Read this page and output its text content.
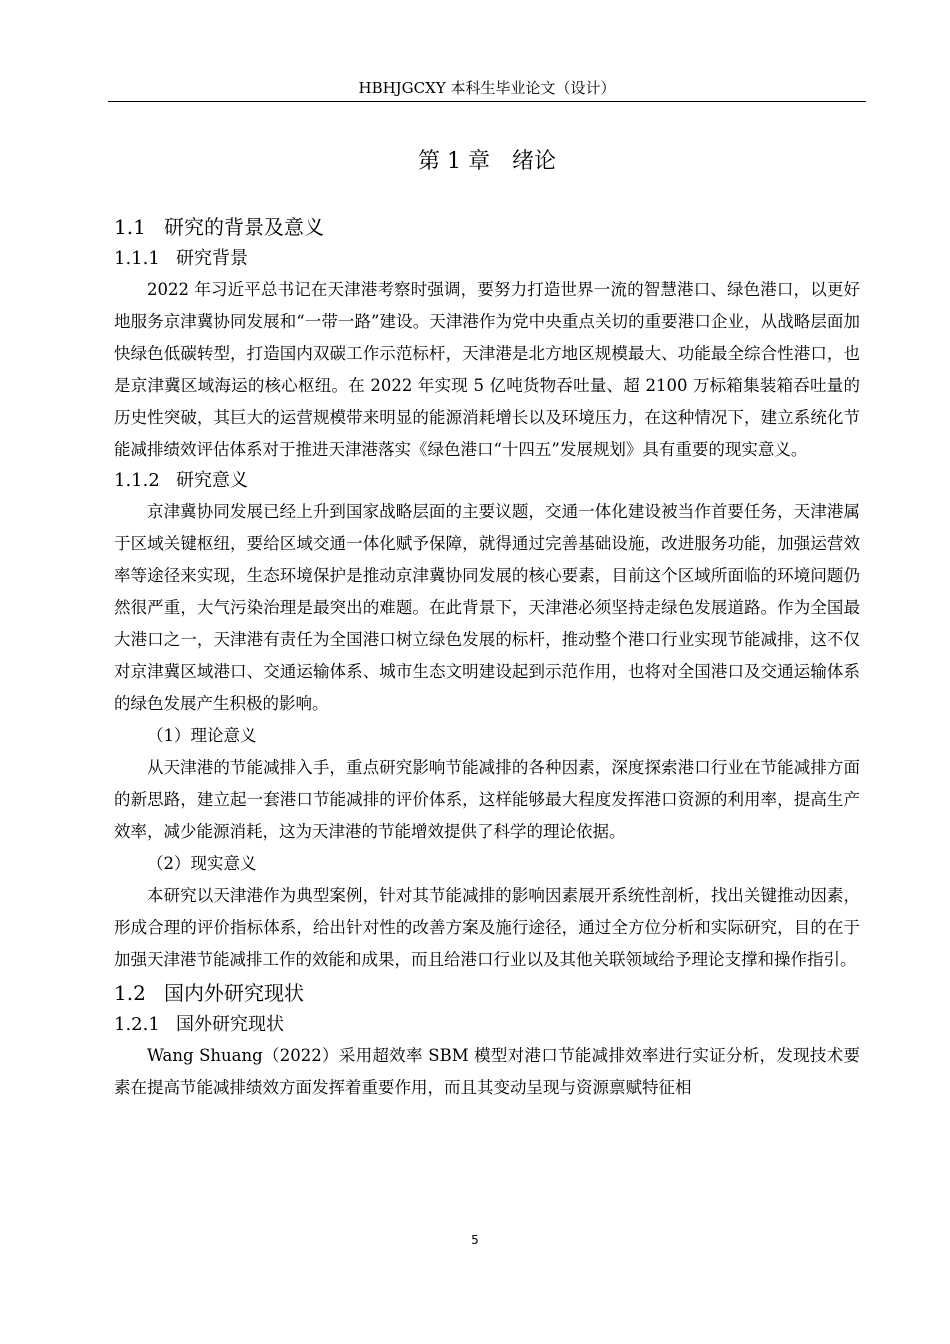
HBHJGCXY 本科生毕业论文（设计）
第 1 章　绪论
1.1 研究的背景及意义
1.1.1 研究背景

2022 年习近平总书记在天津港考察时强调，要努力打造世界一流的智慧港口、绿色港口，以更好地服务京津冀协同发展和“一带一路”建设。天津港作为党中央重点关切的重要港口企业，从战略层面加快绿色低碳转型，打造国内双碳工作示范标杆，天津港是北方地区规模最大、功能最全综合性港口，也是京津冀区域海运的核心枢纽。在 2022 年实现 5 亿吨货物吞吐量、超 2100 万标箱集装箱吞吐量的历史性突破，其巨大的运营规模带来明显的能源消耗增长以及环境压力，在这种情况下，建立系统化节能减排绩效评估体系对于推进天津港落实《绿色港口“十四五”发展规划》具有重要的现实意义。

1.1.2 研究意义

京津冀协同发展已经上升到国家战略层面的主要议题，交通一体化建设被当作首要任务，天津港属于区域关键枢纽，要给区域交通一体化赋予保障，就得通过完善基础设施，改进服务功能，加强运营效率等途径来实现，生态环境保护是推动京津冀协同发展的核心要素，目前这个区域所面临的环境问题仍然很严重，大气污染治理是最突出的难题。在此背景下，天津港必须坚持走绿色发展道路。作为全国最大港口之一，天津港有责任为全国港口树立绿色发展的标杆，推动整个港口行业实现节能减排，这不仅对京津冀区域港口、交通运输体系、城市生态文明建设起到示范作用，也将对全国港口及交通运输体系的绿色发展产生积极的影响。

（1）理论意义

从天津港的节能减排入手，重点研究影响节能减排的各种因素，深度探索港口行业在节能减排方面的新思路，建立起一套港口节能减排的评价体系，这样能够最大程度发挥港口资源的利用率，提高生产效率，减少能源消耗，这为天津港的节能增效提供了科学的理论依据。

（2）现实意义

本研究以天津港作为典型案例，针对其节能减排的影响因素展开系统性剖析，找出关键推动因素，形成合理的评价指标体系，给出针对性的改善方案及施行途径，通过全方位分析和实际研究，目的在于加强天津港节能减排工作的效能和成果，而且给港口行业以及其他关联领域给予理论支撑和操作指引。

1.2 国内外研究现状
1.2.1 国外研究现状

Wang Shuang（2022）采用超效率 SBM 模型对港口节能减排效率进行实证分析，发现技术要素在提高节能减排绩效方面发挥着重要作用，而且其变动呈现与资源禀赋特征相

5
